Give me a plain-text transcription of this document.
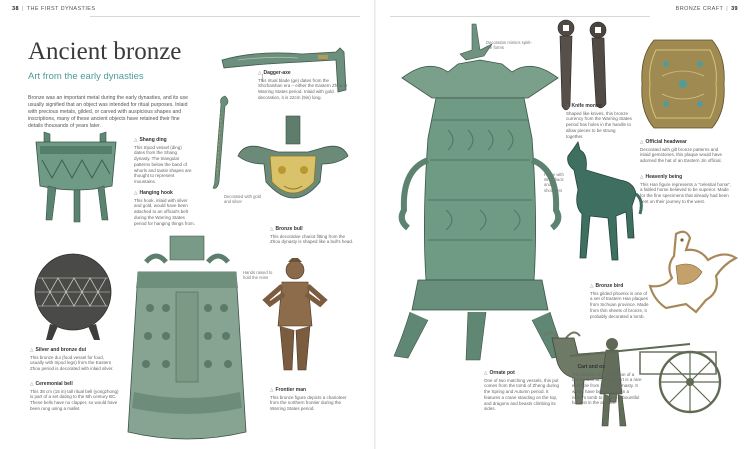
38 | THE FIRST DYNASTIES	BRONZE CRAFT | 39
Ancient bronze
Art from the early dynasties
Bronze was an important metal during the early dynasties, and its use usually signified that an object was intended for ritual purposes. Inlaid with precious metals, gilded, or carved with auspicious shapes and inscriptions, many of these ancient objects have retained their fine details thousands of years later.
△ Dagger-axe
This ritual blade (ge) dates from the Shizhaishan era – either the Eastern Zhou or Warring States period. Inlaid with gold decoration, it is 22cm (9in) long.
△ Shang ding
This tripod vessel (ding) dates from the Shang dynasty. The triangular patterns below the band of whorls and taotie shapes are thought to represent mountains.
△ Hanging hook
This hook, inlaid with silver and gold, would have been attached to an official's belt during the Warring States period for hanging things from.
Decorated with gold and silver
△ Bronze bull
This decorative chariot fitting from the Zhou dynasty is shaped like a bull's head.
△ Silver and bronze dui
This bronze dui (food vessel for food, usually with tripod legs) from the Eastern Zhou period is decorated with inlaid silver.
△ Ceremonial bell
This 38 cm (15 in) tall ritual bell (yongzhong) is part of a set dating to the 5th century BC. These bells have no clapper, so would have been rung using a mallet.
Hands raised to hold the reins
△ Frontier man
This bronze figure depicts a charioteer from the northern frontier during the Warring States period.
Decoration mimics spirit-like forms
△ Ornate pot
One of two matching vessels, this pot comes from the tomb of Zheng during the Spring and Autumn period. It features a crane standing on the top, and dragons and beasts climbing its sides.
△ Knife money
Shaped like knives, this bronze currency from the Warring States period has holes in the handle to allow pieces to be strung together.
△ Official headwear
Decorated with gilt bronze patterns and inlaid gemstones, this plaque would have adorned the hat of an Eastern Jin official.
Horse with strap-back and shoulders
△ Heavenly being
This Han figure represents a "celestial horse", a fabled horse believed to be superior. Made for the fine specimens that already had been sent on their journey to the west.
△ Bronze bird
This gilded phoenix is one of a set of Eastern Han plaques from Sichuan province. Made from thin sheets of bronze, it probably decorated a tomb.
△ Cart and ox
This bronze representation of a farmer with an ox and cart is a rare example from the Han dynasty. It would have been placed in a noble's tomb to ensure a bountiful harvest in the afterlife.
